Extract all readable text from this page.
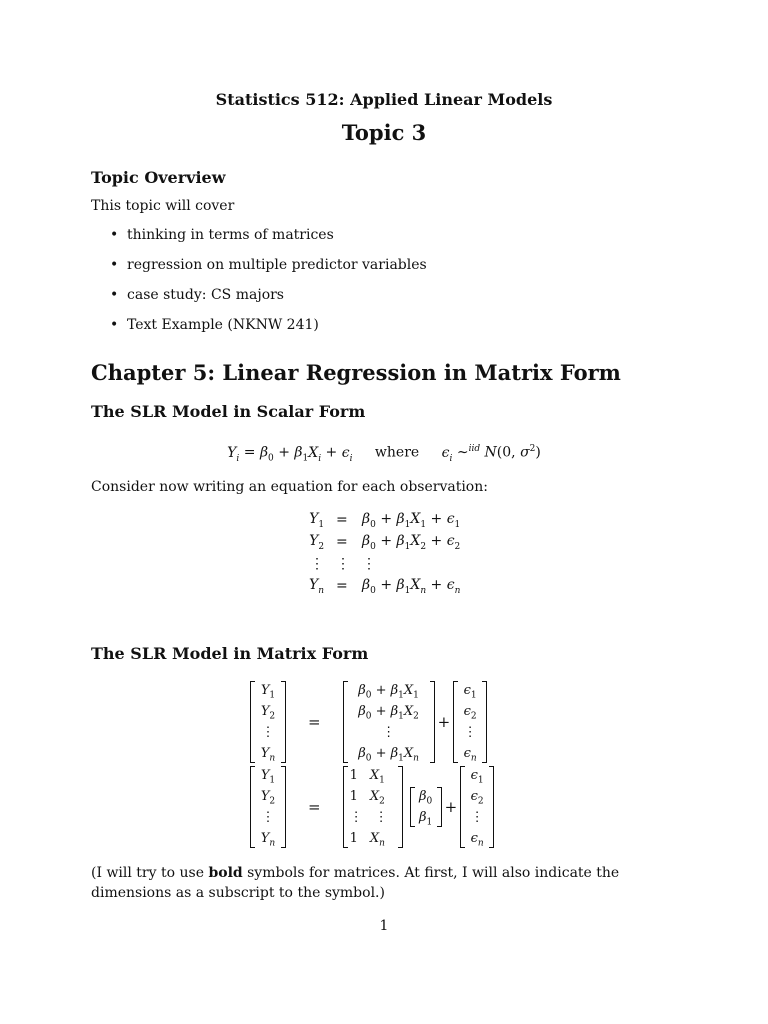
Statistics 512: Applied Linear Models
Topic 3
Topic Overview

This topic will cover

• thinking in terms of matrices
• regression on multiple predictor variables
• case study: CS majors
• Text Example (NKNW 241)
Chapter 5: Linear Regression in Matrix Form
The SLR Model in Scalar Form
$Y_i = \beta_0 + \beta_1X_i + \epsilon_i$ where $\epsilon_i$ ∼$^{iid}$ N(0, $\sigma^2$)

Consider now writing an equation for each observation:

$Y_1$	=	$\beta_0 + \beta_1X_1 + \epsilon_1$
$Y_2$	=	$\beta_0 + \beta_1X_2 + \epsilon_2$
⋮	⋮	⋮
$Y_n$	=	$\beta_0 + \beta_1X_n + \epsilon_n$
The SLR Model in Matrix Form
$Y_1$
$Y_2$
⋮
$Y_n$
=
$\beta_0 + \beta_1X_1$
$\beta_0 + \beta_1X_2$
⋮
$\beta_0 + \beta_1X_n$
+
$\epsilon_1$
$\epsilon_2$
⋮
$\epsilon_n$
$Y_1$
$Y_2$
⋮
$Y_n$
=
1 $X_1$
1 $X_2$
⋮ ⋮
1 $X_n$
$\beta_0$
$\beta_1$
+
$\epsilon_1$
$\epsilon_2$
⋮
$\epsilon_n$

(I will try to use bold symbols for matrices. At first, I will also indicate the dimensions as a subscript to the symbol.)

1
